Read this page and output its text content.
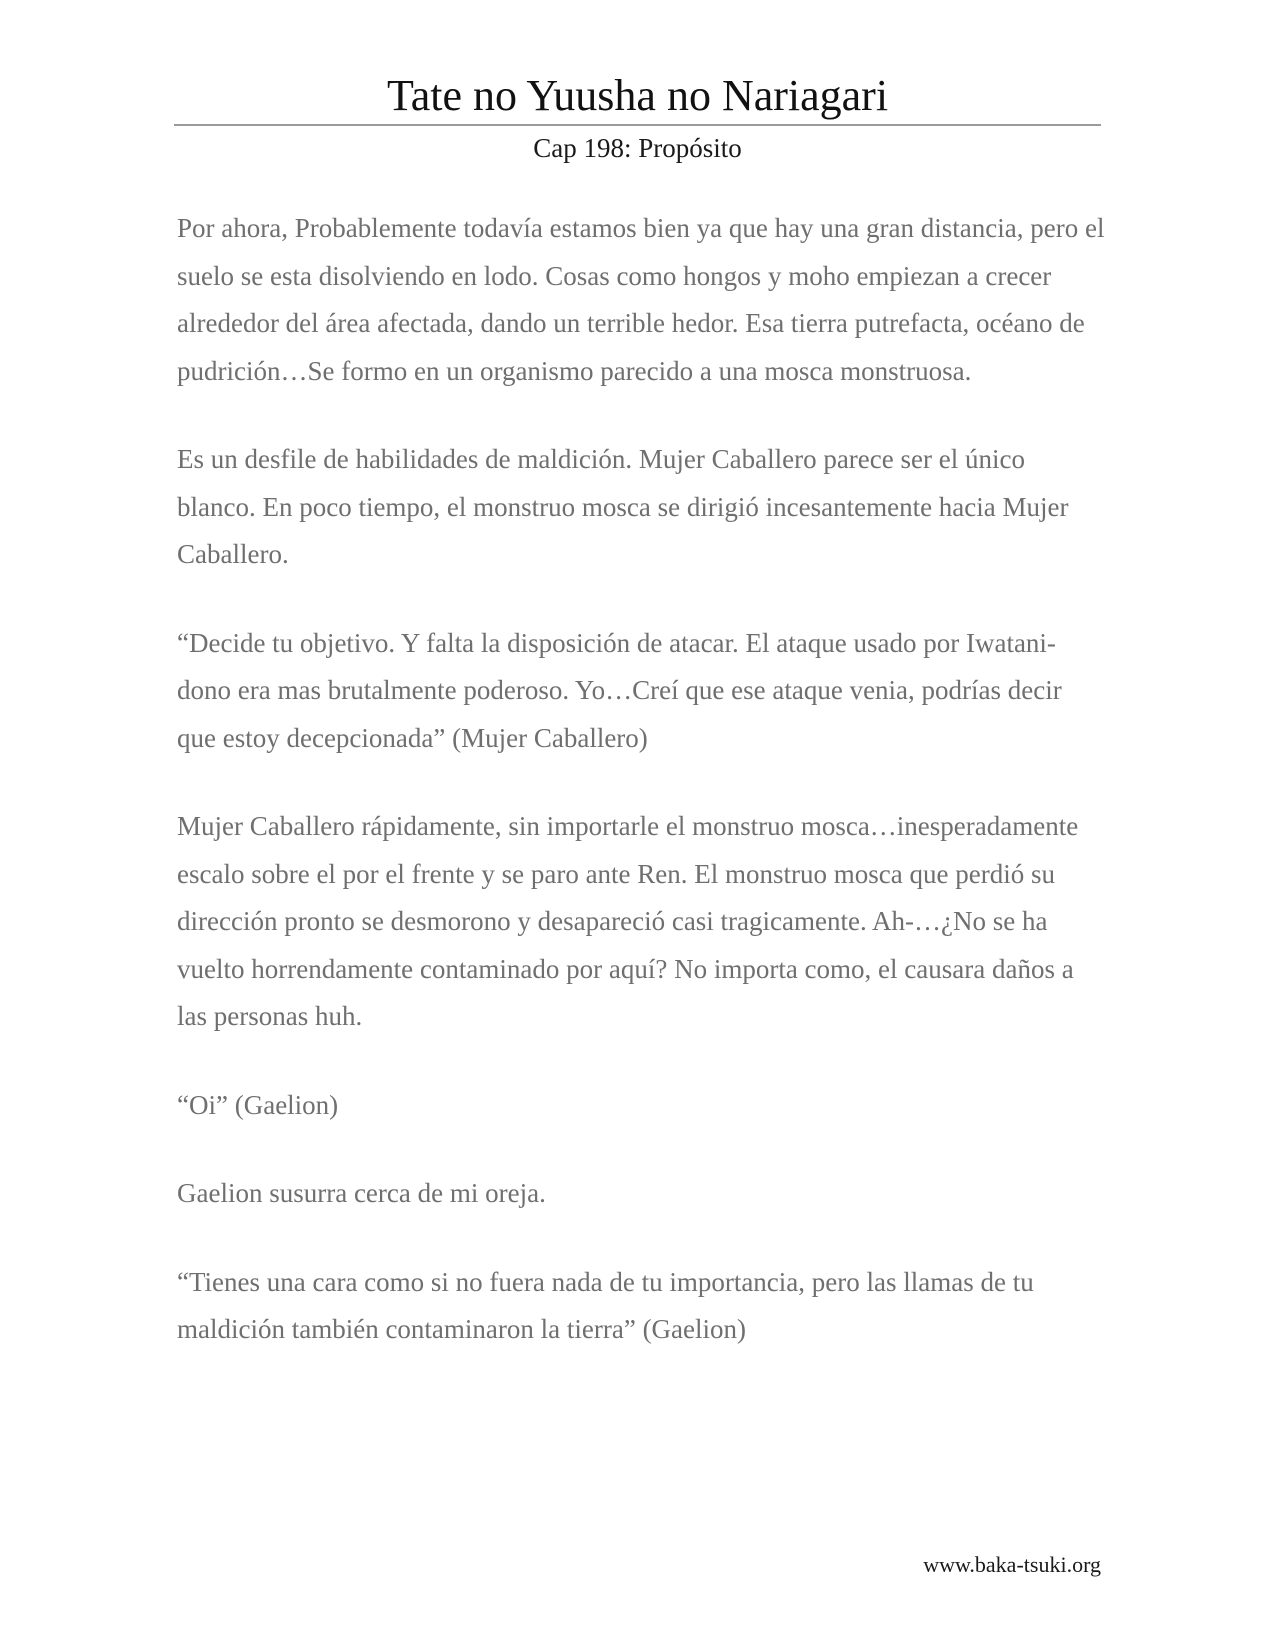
Tate no Yuusha no Nariagari
Cap 198: Propósito

Por ahora, Probablemente todavía estamos bien ya que hay una gran distancia, pero el suelo se esta disolviendo en lodo. Cosas como hongos y moho empiezan a crecer alrededor del área afectada, dando un terrible hedor. Esa tierra putrefacta, océano de pudrición…Se formo en un organismo parecido a una mosca monstruosa.

Es un desfile de habilidades de maldición. Mujer Caballero parece ser el único blanco. En poco tiempo, el monstruo mosca se dirigió incesantemente hacia Mujer Caballero.

“Decide tu objetivo. Y falta la disposición de atacar. El ataque usado por Iwatani-dono era mas brutalmente poderoso. Yo…Creí que ese ataque venia, podrías decir que estoy decepcionada” (Mujer Caballero)

Mujer Caballero rápidamente, sin importarle el monstruo mosca…inesperadamente escalo sobre el por el frente y se paro ante Ren. El monstruo mosca que perdió su dirección pronto se desmorono y desapareció casi tragicamente. Ah-…¿No se ha vuelto horrendamente contaminado por aquí? No importa como, el causara daños a las personas huh.

“Oi” (Gaelion)

Gaelion susurra cerca de mi oreja.

“Tienes una cara como si no fuera nada de tu importancia, pero las llamas de tu maldición también contaminaron la tierra” (Gaelion)

www.baka-tsuki.org
